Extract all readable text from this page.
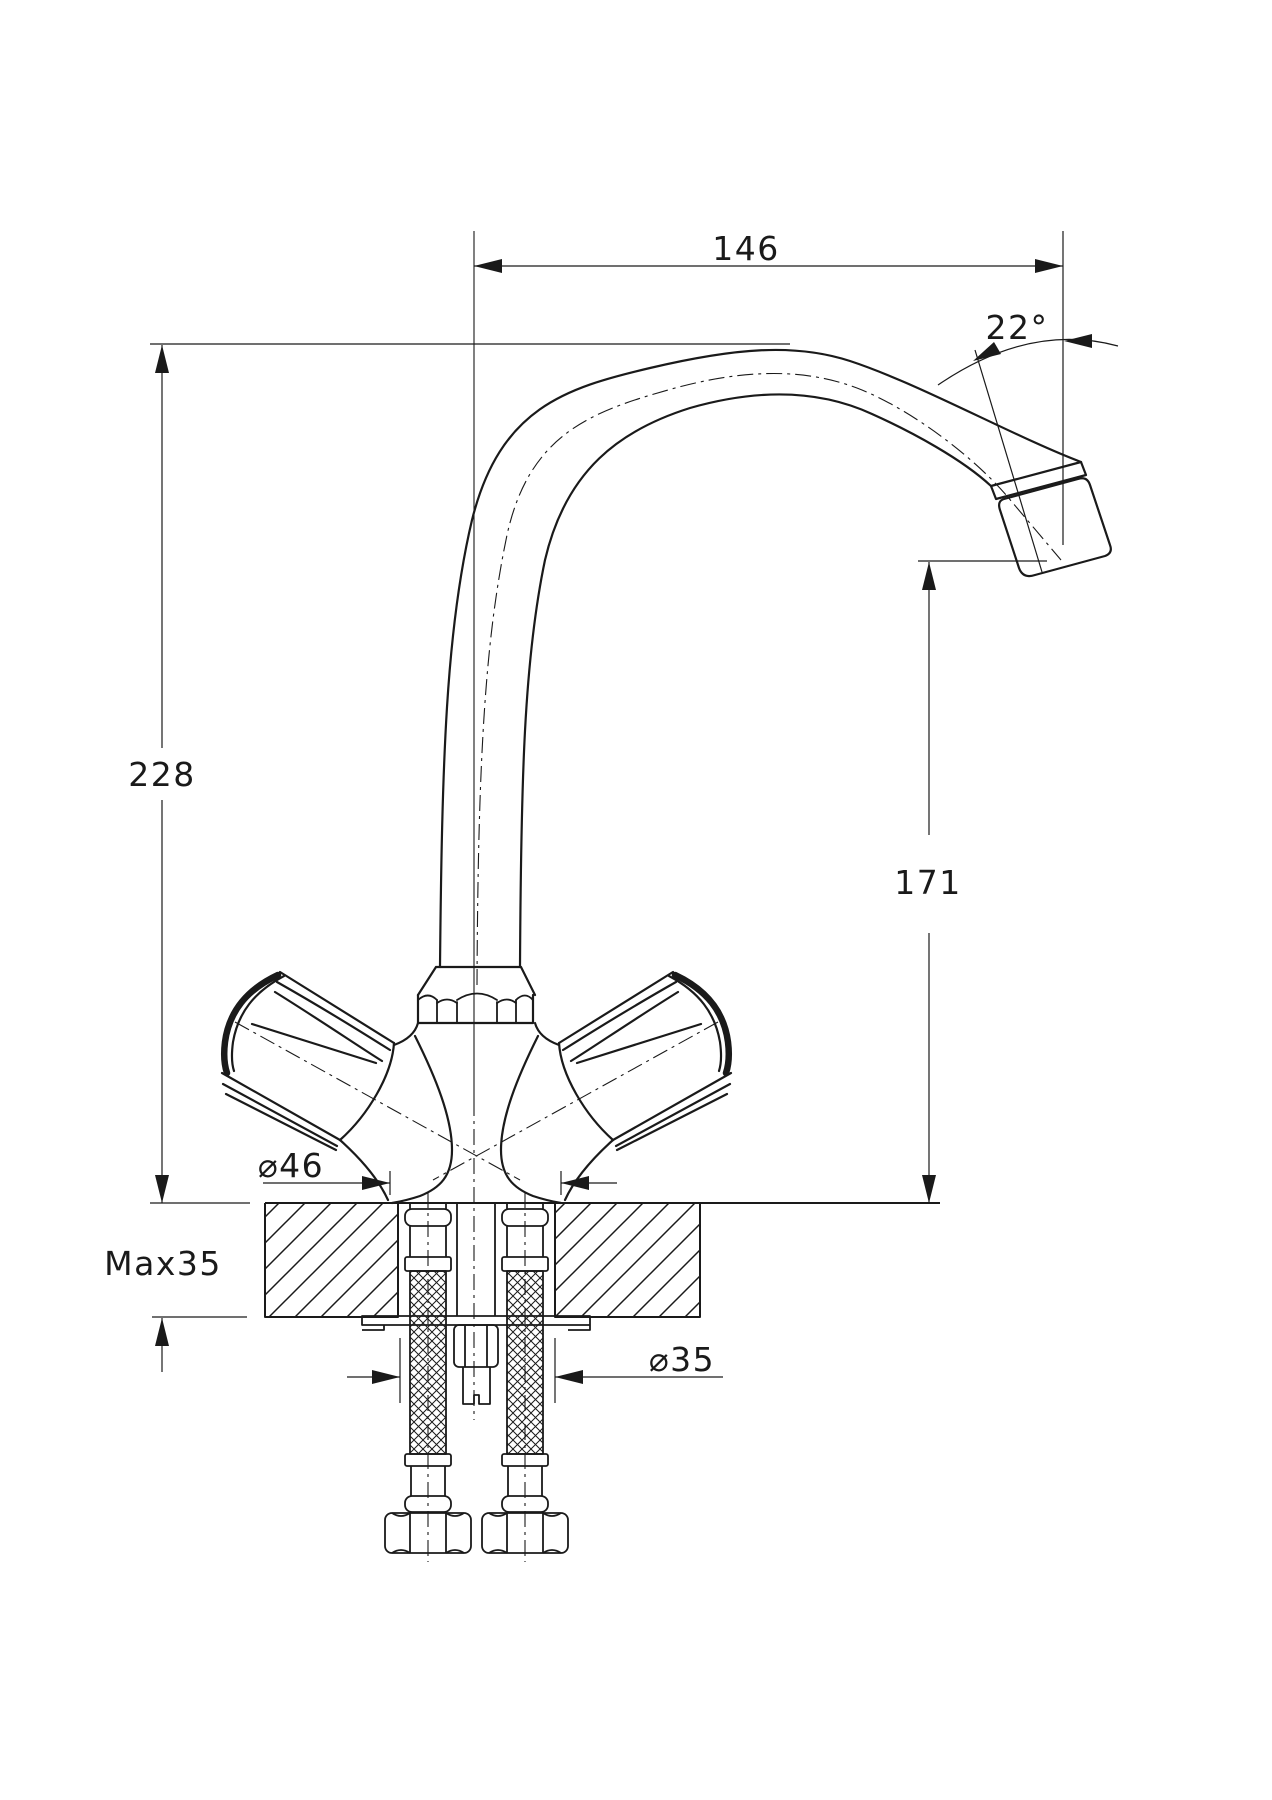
146
22°
228
171
⌀46
Max35
⌀35
